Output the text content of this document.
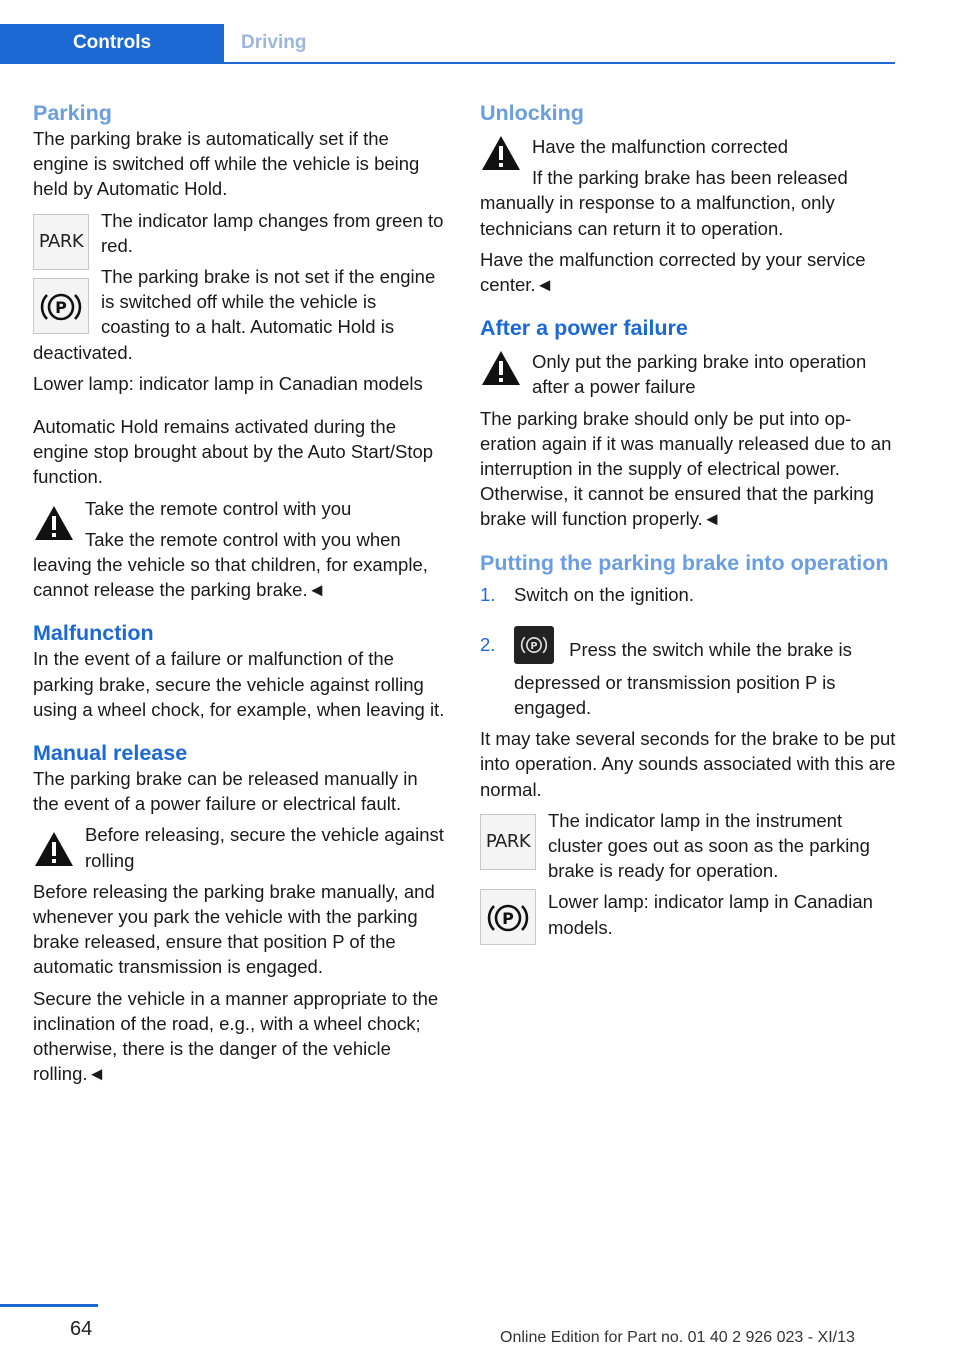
Controls	Driving
Parking

The parking brake is automatically set if the engine is switched off while the vehicle is being held by Automatic Hold.

PARK

The indicator lamp changes from green to red.

P

The parking brake is not set if the engine is switched off while the vehicle is coasting to a halt. Automatic Hold is deactivated.

Lower lamp: indicator lamp in Canadian models

Automatic Hold remains activated during the engine stop brought about by the Auto Start/Stop function.

Take the remote control with you

Take the remote control with you when leaving the vehicle so that children, for example, cannot release the parking brake.◄

Malfunction

In the event of a failure or malfunction of the parking brake, secure the vehicle against rolling using a wheel chock, for example, when leaving it.

Manual release

The parking brake can be released manually in the event of a power failure or electrical fault.

Before releasing, secure the vehicle against rolling

Before releasing the parking brake manually, and whenever you park the vehicle with the parking brake released, ensure that position P of the automatic transmission is engaged.

Secure the vehicle in a manner appropriate to the inclination of the road, e.g., with a wheel chock; otherwise, there is the danger of the vehicle rolling.◄

Unlocking

Have the malfunction corrected

If the parking brake has been released manually in response to a malfunction, only technicians can return it to operation.

Have the malfunction corrected by your service center.◄

After a power failure

Only put the parking brake into operation after a power failure

The parking brake should only be put into operation again if it was manually released due to an interruption in the supply of electrical power. Otherwise, it cannot be ensured that the parking brake will function properly.◄

Putting the parking brake into operation
1. Switch on the ignition.
2. P Press the switch while the brake is depressed or transmission position P is engaged.

It may take several seconds for the brake to be put into operation. Any sounds associated with this are normal.

PARK

The indicator lamp in the instrument cluster goes out as soon as the parking brake is ready for operation.

P

Lower lamp: indicator lamp in Canadian models.

64	Online Edition for Part no. 01 40 2 926 023 - XI/13
